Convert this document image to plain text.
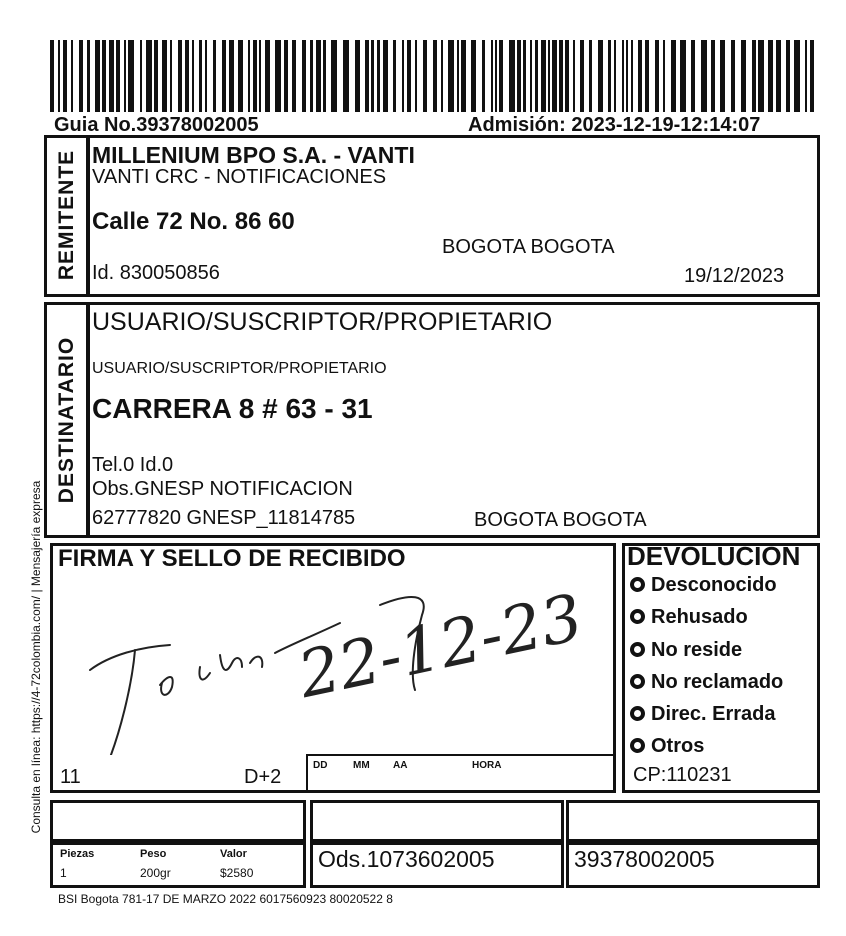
Guia No.39378002005	Admisión: 2023-12-19-12:14:07
REMITENTE MILLENIUM BPO S.A. - VANTI
VANTI CRC - NOTIFICACIONES
Calle 72 No. 86 60
BOGOTA BOGOTA
Id. 830050856	19/12/2023
DESTINATARIO
USUARIO/SUSCRIPTOR/PROPIETARIO
USUARIO/SUSCRIPTOR/PROPIETARIO
CARRERA 8 # 63 - 31
Tel.0 Id.0
Obs.GNESP NOTIFICACION
62777820 GNESP_11814785	BOGOTA BOGOTA
FIRMA Y SELLO DE RECIBIDO
22-12-23
11	D+2
DD	MM AA	HORA
DEVOLUCION
Desconocido
Rehusado
No reside
No reclamado
Direc. Errada
Otros
CP:110231
Consulta en línea: https://4-72colombia.com/ | Mensajería expresa
Piezas	Peso	Valor
1	200gr	$2580
Ods.1073602005	39378002005
BSI Bogota 781-17 DE MARZO 2022 6017560923 80020522 8
